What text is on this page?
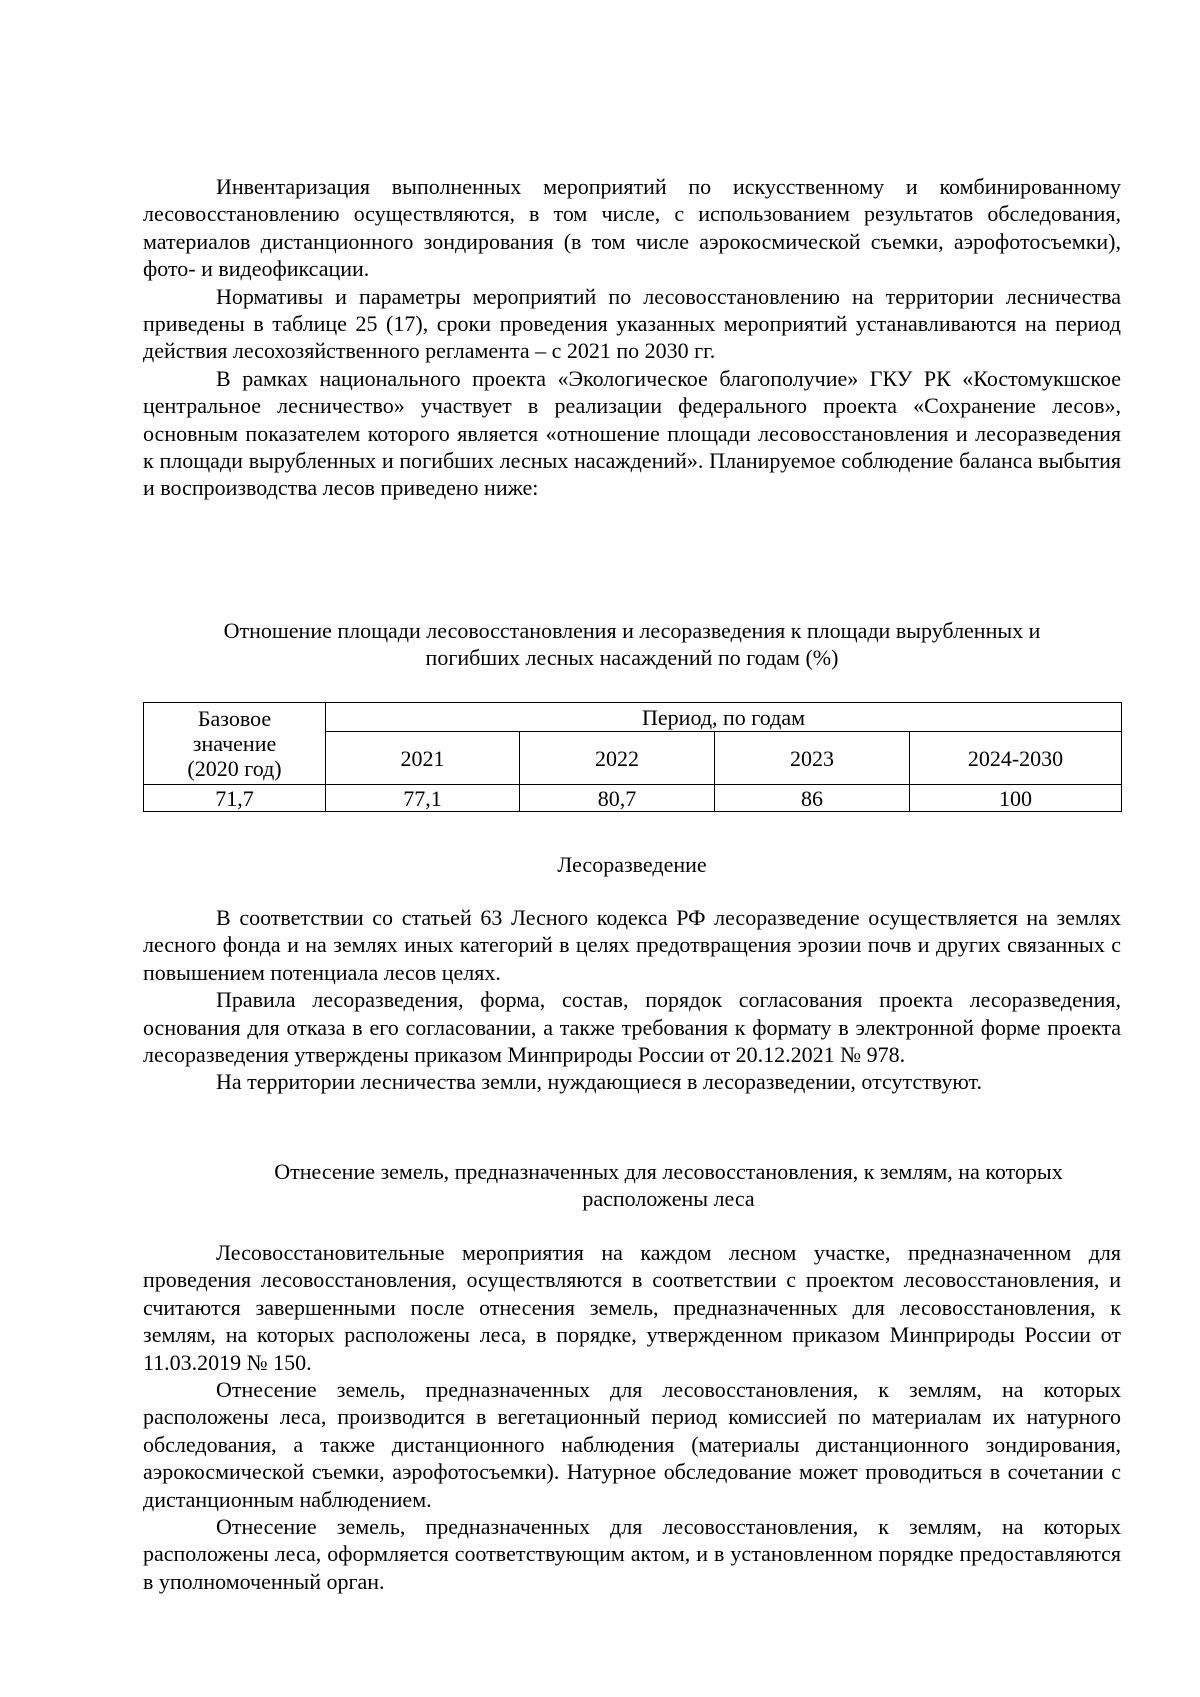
Инвентаризация выполненных мероприятий по искусственному и комбинированному лесовосстановлению осуществляются, в том числе, с использованием результатов обследования, материалов дистанционного зондирования (в том числе аэрокосмической съемки, аэрофотосъемки), фото- и видеофиксации.

Нормативы и параметры мероприятий по лесовосстановлению на территории лесничества приведены в таблице 25 (17), сроки проведения указанных мероприятий устанавливаются на период действия лесохозяйственного регламента – с 2021 по 2030 гг.

В рамках национального проекта «Экологическое благополучие» ГКУ РК «Костомукшское центральное лесничество» участвует в реализации федерального проекта «Сохранение лесов», основным показателем которого является «отношение площади лесовосстановления и лесоразведения к площади вырубленных и погибших лесных насаждений». Планируемое соблюдение баланса выбытия и воспроизводства лесов приведено ниже:

Отношение площади лесовосстановления и лесоразведения к площади вырубленных и

погибших лесных насаждений по годам (%)

Базовое
значение
(2020 год)	Период, по годам			
	2021	2022	2023	2024-2030
71,7	77,1	80,7	86	100

Лесоразведение

В соответствии со статьей 63 Лесного кодекса РФ лесоразведение осуществляется на землях лесного фонда и на землях иных категорий в целях предотвращения эрозии почв и других связанных с повышением потенциала лесов целях.

Правила лесоразведения, форма, состав, порядок согласования проекта лесоразведения, основания для отказа в его согласовании, а также требования к формату в электронной форме проекта лесоразведения утверждены приказом Минприроды России от 20.12.2021 № 978.

На территории лесничества земли, нуждающиеся в лесоразведении, отсутствуют.

Отнесение земель, предназначенных для лесовосстановления, к землям, на которых

расположены леса

Лесовосстановительные мероприятия на каждом лесном участке, предназначенном для проведения лесовосстановления, осуществляются в соответствии с проектом лесовосстановления, и считаются завершенными после отнесения земель, предназначенных для лесовосстановления, к землям, на которых расположены леса, в порядке, утвержденном приказом Минприроды России от 11.03.2019 № 150.

Отнесение земель, предназначенных для лесовосстановления, к землям, на которых расположены леса, производится в вегетационный период комиссией по материалам их натурного обследования, а также дистанционного наблюдения (материалы дистанционного зондирования, аэрокосмической съемки, аэрофотосъемки). Натурное обследование может проводиться в сочетании с дистанционным наблюдением.

Отнесение земель, предназначенных для лесовосстановления, к землям, на которых расположены леса, оформляется соответствующим актом, и в установленном порядке предоставляются в уполномоченный орган.
